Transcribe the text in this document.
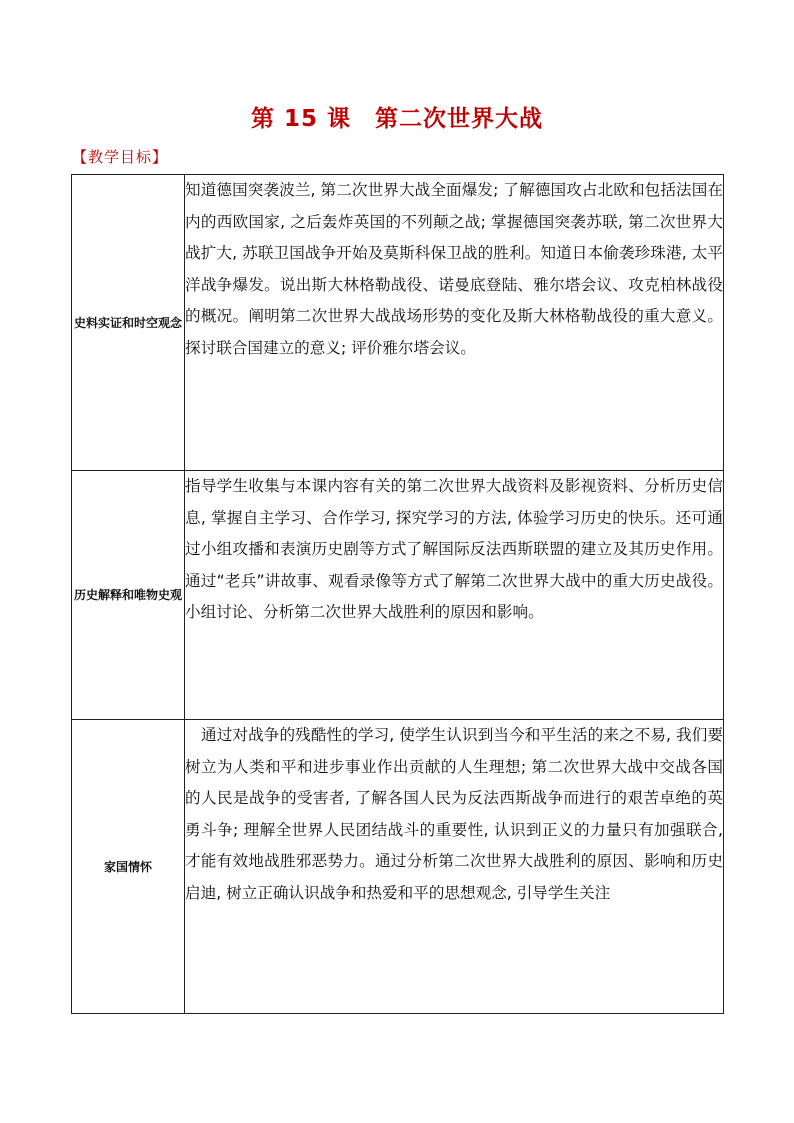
第 15 课　第二次世界大战
【教学目标】
史料实证和时空观念	知道德国突袭波兰, 第二次世界大战全面爆发; 了解德国攻占北欧和包括法国在内的西欧国家, 之后轰炸英国的不列颠之战; 掌握德国突袭苏联, 第二次世界大战扩大, 苏联卫国战争开始及莫斯科保卫战的胜利。知道日本偷袭珍珠港, 太平洋战争爆发。说出斯大林格勒战役、诺曼底登陆、雅尔塔会议、攻克柏林战役的概况。阐明第二次世界大战战场形势的变化及斯大林格勒战役的重大意义。探讨联合国建立的意义; 评价雅尔塔会议。
历史解释和唯物史观	指导学生收集与本课内容有关的第二次世界大战资料及影视资料、分析历史信息, 掌握自主学习、合作学习, 探究学习的方法, 体验学习历史的快乐。还可通过小组攻播和表演历史剧等方式了解国际反法西斯联盟的建立及其历史作用。通过“老兵”讲故事、观看录像等方式了解第二次世界大战中的重大历史战役。小组讨论、分析第二次世界大战胜利的原因和影响。
家国情怀	通过对战争的残酷性的学习, 使学生认识到当今和平生活的来之不易, 我们要树立为人类和平和进步事业作出贡献的人生理想; 第二次世界大战中交战各国的人民是战争的受害者, 了解各国人民为反法西斯战争而进行的艰苦卓绝的英勇斗争; 理解全世界人民团结战斗的重要性, 认识到正义的力量只有加强联合, 才能有效地战胜邪恶势力。通过分析第二次世界大战胜利的原因、影响和历史启迪, 树立正确认识战争和热爱和平的思想观念, 引导学生关注
